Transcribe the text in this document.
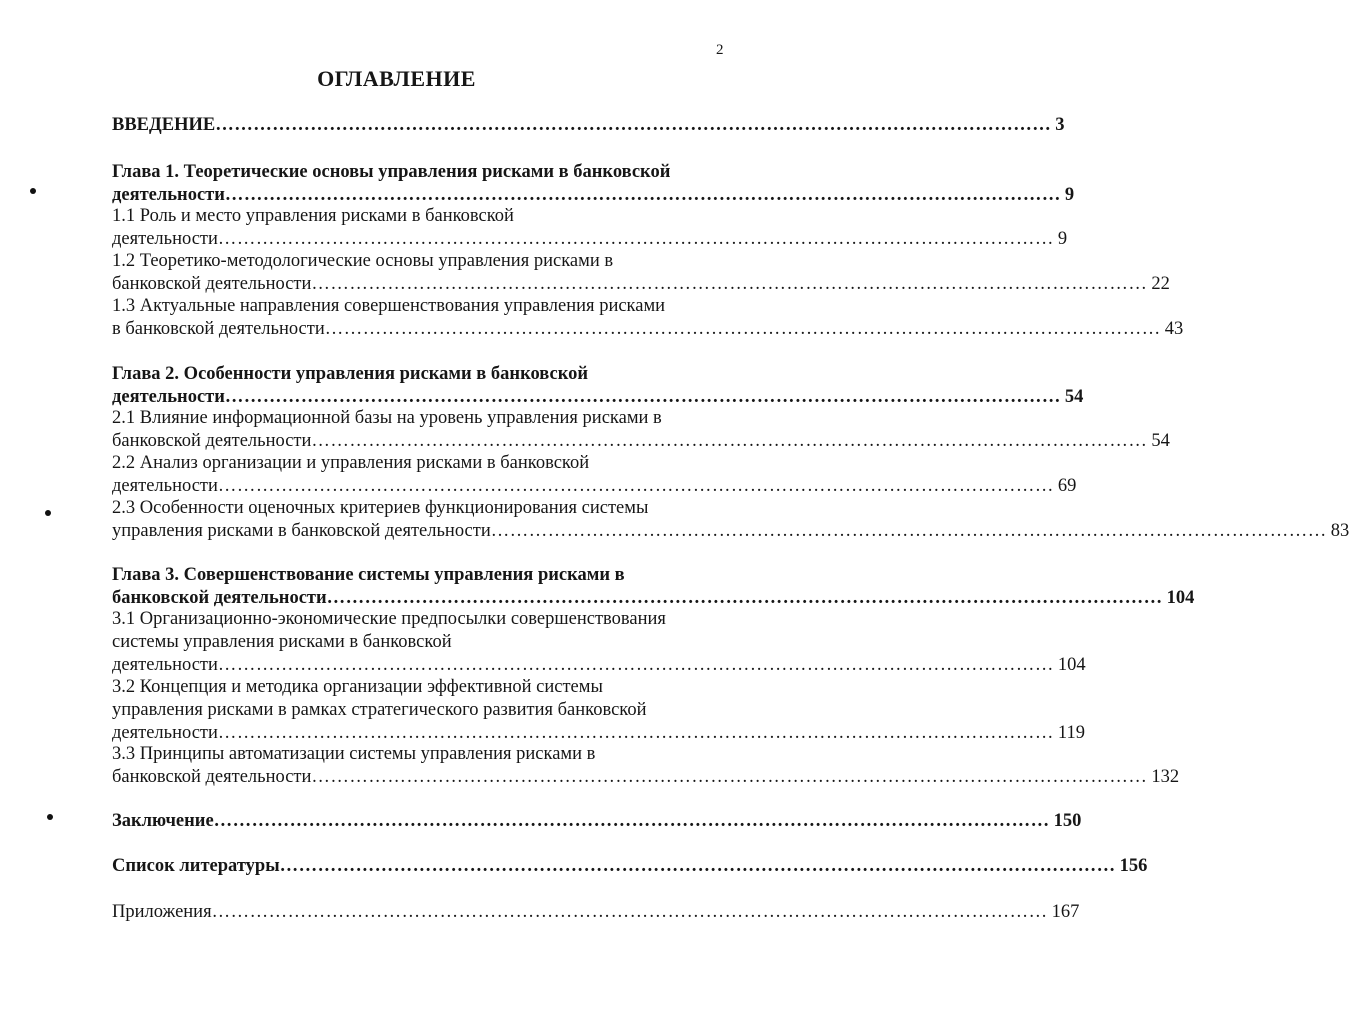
2
ОГЛАВЛЕНИЕ
ВВЕДЕНИЕ …………………………………………………………………………………………………………………… 3
Глава 1. Теоретические основы управления рисками в банковской
деятельности …………………………………………………………………………………………………………………… 9
1.1 Роль и место управления рисками в банковской
деятельности …………………………………………………………………………………………………………………… 9
1.2 Теоретико-методологические основы управления рисками в
банковской деятельности …………………………………………………………………………………………………………………… 22
1.3 Актуальные направления совершенствования управления рисками
в банковской деятельности …………………………………………………………………………………………………………………… 43
Глава 2. Особенности управления рисками в банковской
деятельности …………………………………………………………………………………………………………………… 54
2.1 Влияние информационной базы на уровень управления рисками в
банковской деятельности …………………………………………………………………………………………………………………… 54
2.2 Анализ организации и управления рисками в банковской
деятельности …………………………………………………………………………………………………………………… 69
2.3 Особенности оценочных критериев функционирования системы
управления рисками в банковской деятельности …………………………………………………………………………………………………………………… 83
Глава 3. Совершенствование системы управления рисками в
банковской деятельности …………………………………………………………………………………………………………………… 104
3.1 Организационно-экономические предпосылки совершенствования
системы управления рисками в банковской
деятельности …………………………………………………………………………………………………………………… 104
3.2 Концепция и методика организации эффективной системы
управления рисками в рамках стратегического развития банковской
деятельности …………………………………………………………………………………………………………………… 119
3.3 Принципы автоматизации системы управления рисками в
банковской деятельности …………………………………………………………………………………………………………………… 132
Заключение …………………………………………………………………………………………………………………… 150
Список литературы …………………………………………………………………………………………………………………… 156
Приложения …………………………………………………………………………………………………………………… 167
